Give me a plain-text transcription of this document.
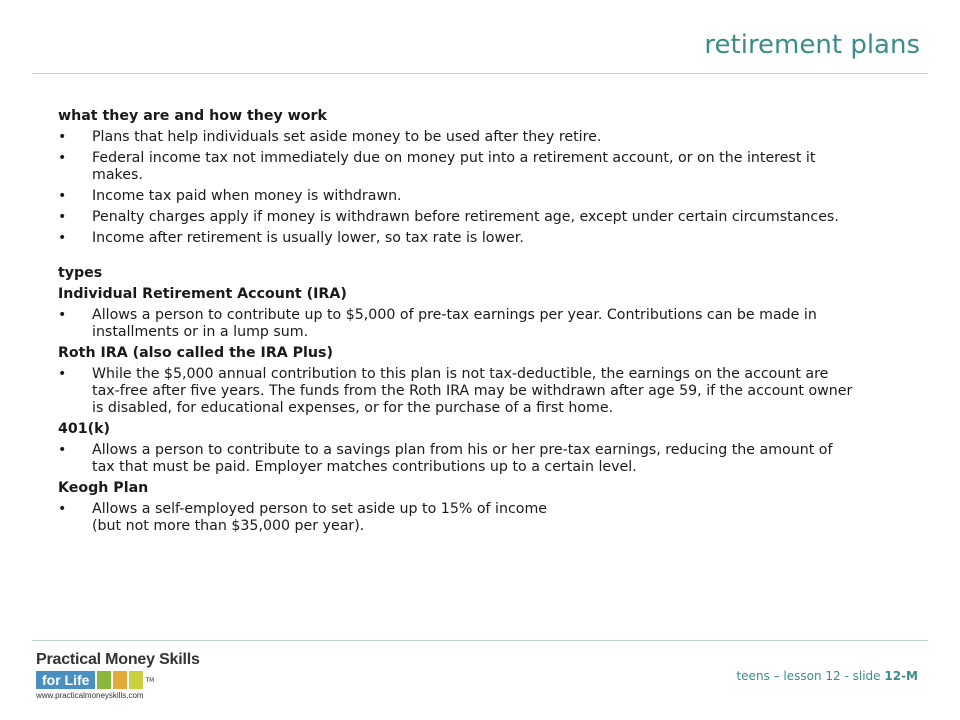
retirement plans
what they are and how they work
• Plans that help individuals set aside money to be used after they retire.
• Federal income tax not immediately due on money put into a retirement account, or on the interest it makes.
• Income tax paid when money is withdrawn.
• Penalty charges apply if money is withdrawn before retirement age, except under certain circumstances.
• Income after retirement is usually lower, so tax rate is lower.
types
Individual Retirement Account (IRA)
• Allows a person to contribute up to $5,000 of pre-tax earnings per year. Contributions can be made in installments or in a lump sum.
Roth IRA (also called the IRA Plus)
• While the $5,000 annual contribution to this plan is not tax-deductible, the earnings on the account are tax-free after five years. The funds from the Roth IRA may be withdrawn after age 59, if the account owner is disabled, for educational expenses, or for the purchase of a first home.
401(k)
• Allows a person to contribute to a savings plan from his or her pre-tax earnings, reducing the amount of tax that must be paid. Employer matches contributions up to a certain level.
Keogh Plan
• Allows a self-employed person to set aside up to 15% of income
(but not more than $35,000 per year).
Practical Money Skills
for Life	TM
www.practicalmoneyskills.com
teens – lesson 12 - slide 12-M
